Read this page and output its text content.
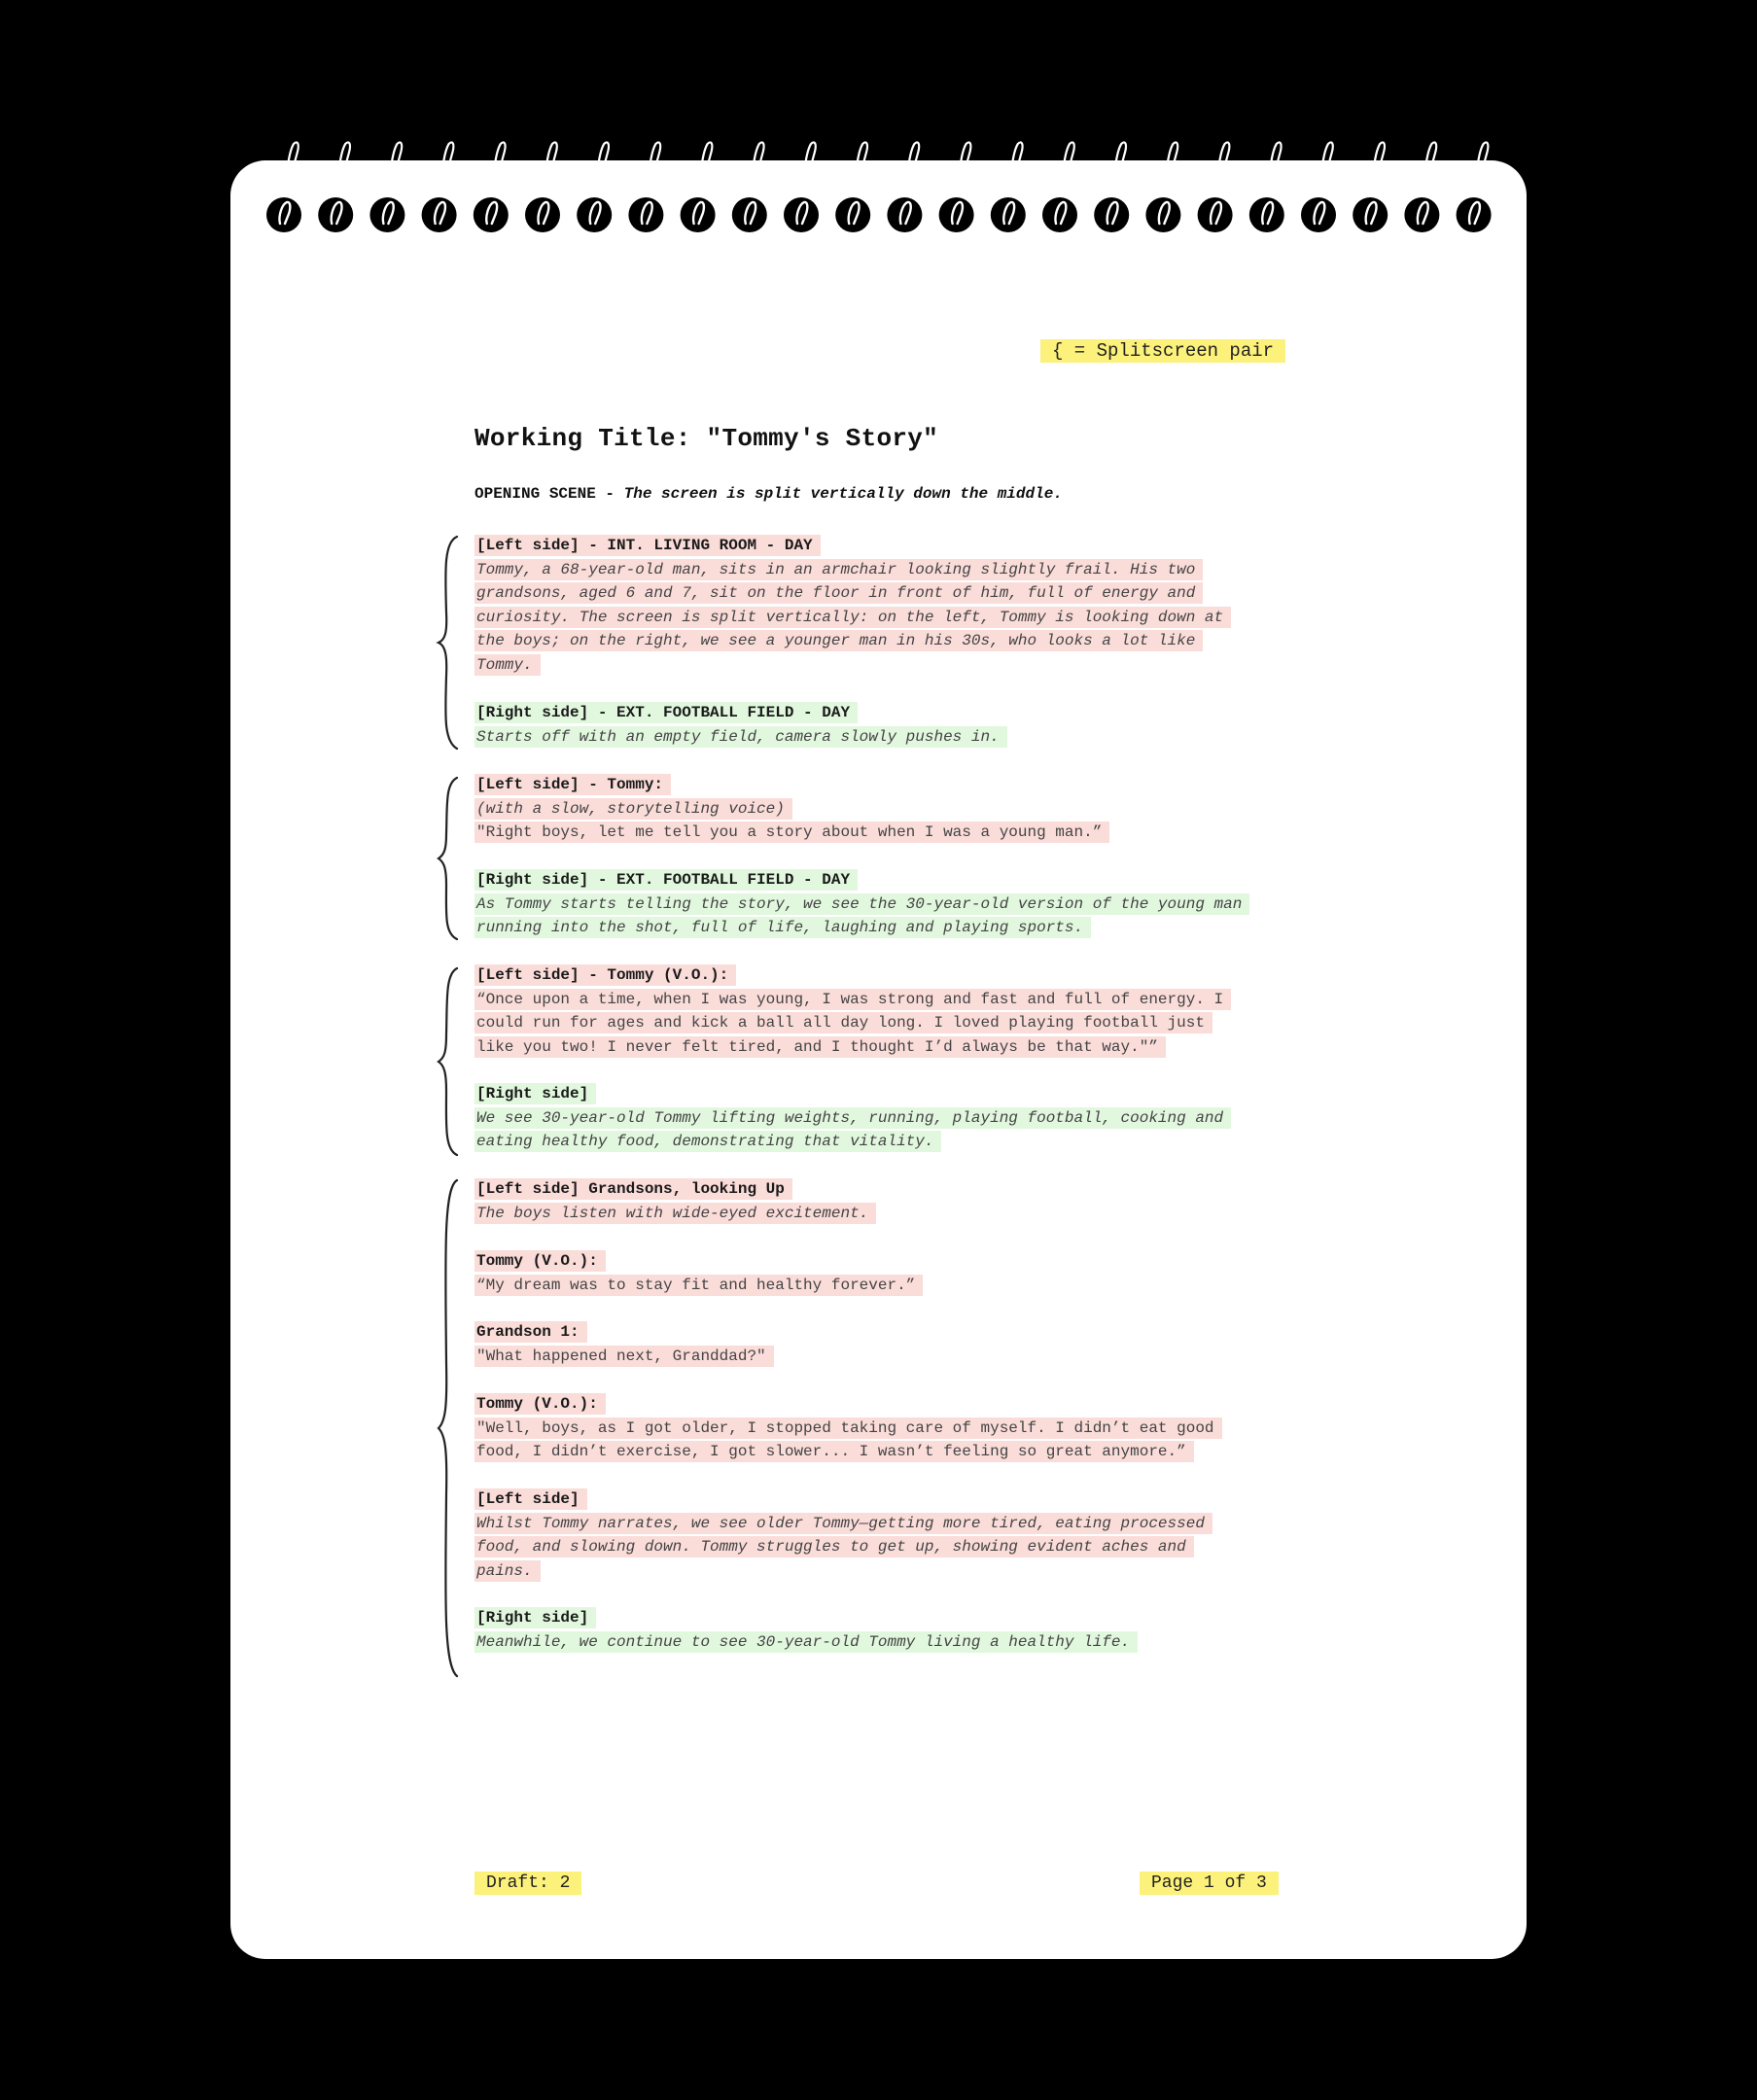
{ = Splitscreen pair
Working Title: "Tommy's Story"
OPENING SCENE - The screen is split vertically down the middle.
[Left side] - INT. LIVING ROOM - DAY
Tommy, a 68-year-old man, sits in an armchair looking slightly frail. His two
grandsons, aged 6 and 7, sit on the floor in front of him, full of energy and
curiosity. The screen is split vertically: on the left, Tommy is looking down at
the boys; on the right, we see a younger man in his 30s, who looks a lot like
Tommy.
[Right side] - EXT. FOOTBALL FIELD - DAY
Starts off with an empty field, camera slowly pushes in.
[Left side] - Tommy:
(with a slow, storytelling voice)
"Right boys, let me tell you a story about when I was a young man.”
[Right side] - EXT. FOOTBALL FIELD - DAY
As Tommy starts telling the story, we see the 30-year-old version of the young man
running into the shot, full of life, laughing and playing sports.
[Left side] - Tommy (V.O.):
“Once upon a time, when I was young, I was strong and fast and full of energy. I
could run for ages and kick a ball all day long. I loved playing football just
like you two! I never felt tired, and I thought I’d always be that way."”
[Right side]
We see 30-year-old Tommy lifting weights, running, playing football, cooking and
eating healthy food, demonstrating that vitality.
[Left side] Grandsons, looking Up
The boys listen with wide-eyed excitement.
Tommy (V.O.):
“My dream was to stay fit and healthy forever.”
Grandson 1:
"What happened next, Granddad?"
Tommy (V.O.):
"Well, boys, as I got older, I stopped taking care of myself. I didn’t eat good
food, I didn’t exercise, I got slower... I wasn’t feeling so great anymore.”
[Left side]
Whilst Tommy narrates, we see older Tommy—getting more tired, eating processed
food, and slowing down. Tommy struggles to get up, showing evident aches and
pains.
[Right side]
Meanwhile, we continue to see 30-year-old Tommy living a healthy life.
Draft: 2	Page 1 of 3
